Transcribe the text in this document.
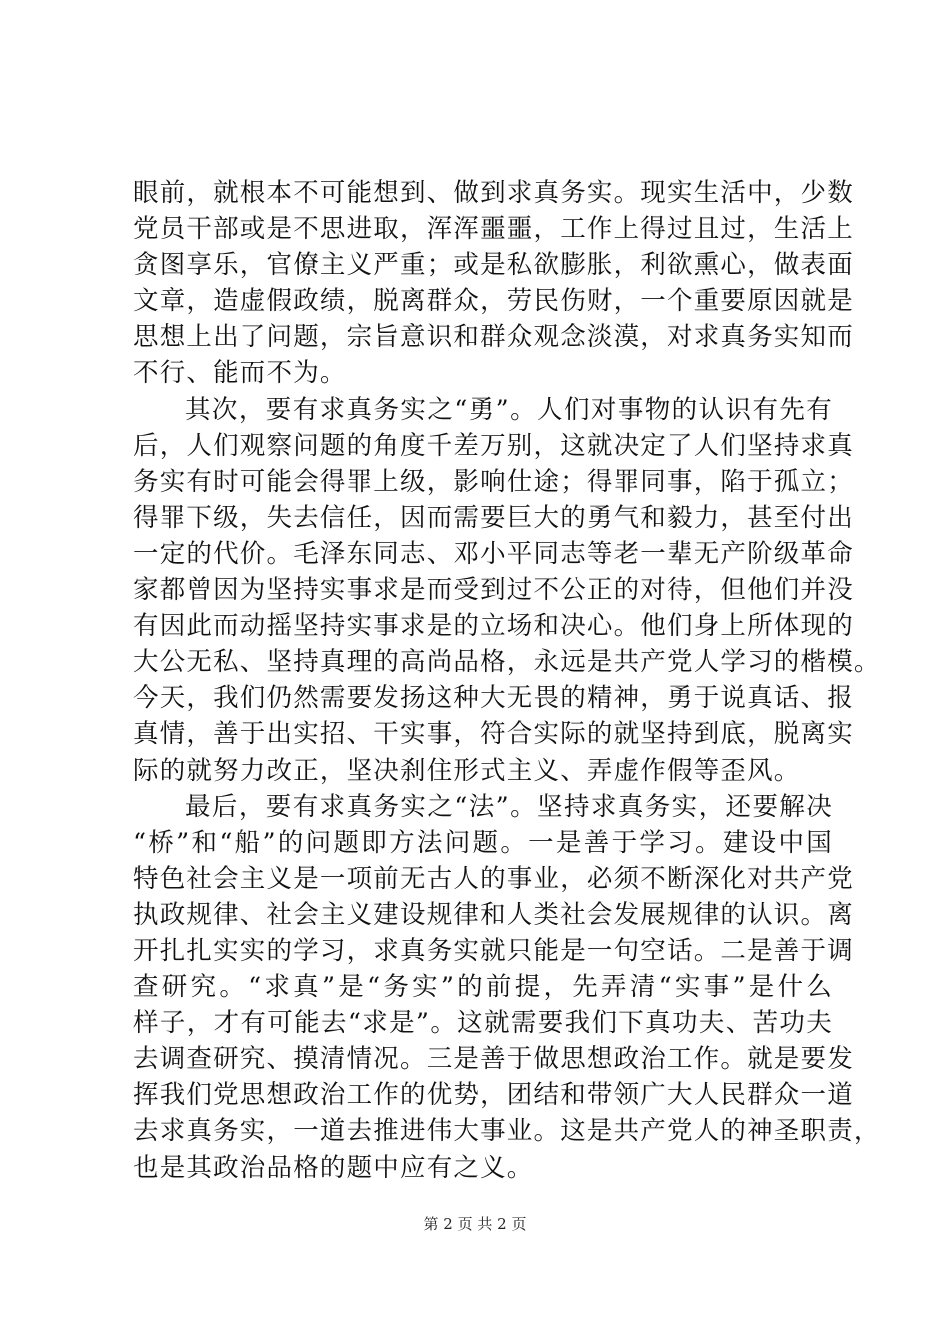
眼前，就根本不可能想到、做到求真务实。现实生活中，少数
党员干部或是不思进取，浑浑噩噩，工作上得过且过，生活上
贪图享乐，官僚主义严重；或是私欲膨胀，利欲熏心，做表面
文章，造虚假政绩，脱离群众，劳民伤财，一个重要原因就是
思想上出了问题，宗旨意识和群众观念淡漠，对求真务实知而
不行、能而不为。
其次，要有求真务实之“勇”。人们对事物的认识有先有
后，人们观察问题的角度千差万别，这就决定了人们坚持求真
务实有时可能会得罪上级，影响仕途；得罪同事，陷于孤立；
得罪下级，失去信任，因而需要巨大的勇气和毅力，甚至付出
一定的代价。毛泽东同志、邓小平同志等老一辈无产阶级革命
家都曾因为坚持实事求是而受到过不公正的对待，但他们并没
有因此而动摇坚持实事求是的立场和决心。他们身上所体现的
大公无私、坚持真理的高尚品格，永远是共产党人学习的楷模。
今天，我们仍然需要发扬这种大无畏的精神，勇于说真话、报
真情，善于出实招、干实事，符合实际的就坚持到底，脱离实
际的就努力改正，坚决刹住形式主义、弄虚作假等歪风。
最后，要有求真务实之“法”。坚持求真务实，还要解决
“桥”和“船”的问题即方法问题。一是善于学习。建设中国
特色社会主义是一项前无古人的事业，必须不断深化对共产党
执政规律、社会主义建设规律和人类社会发展规律的认识。离
开扎扎实实的学习，求真务实就只能是一句空话。二是善于调
查研究。“求真”是“务实”的前提，先弄清“实事”是什么
样子，才有可能去“求是”。这就需要我们下真功夫、苦功夫
去调查研究、摸清情况。三是善于做思想政治工作。就是要发
挥我们党思想政治工作的优势，团结和带领广大人民群众一道
去求真务实，一道去推进伟大事业。这是共产党人的神圣职责，
也是其政治品格的题中应有之义。
第 2 页 共 2 页
